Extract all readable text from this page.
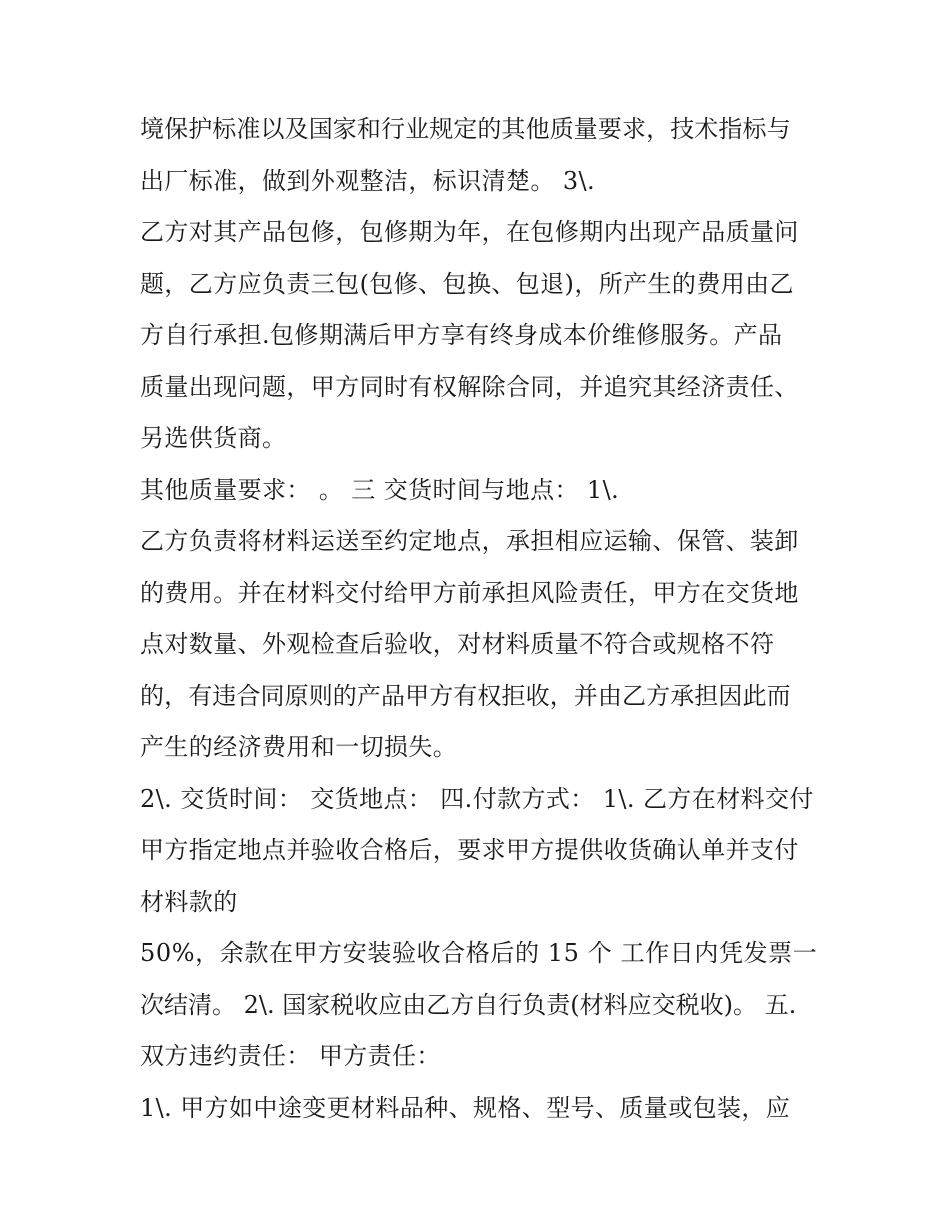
境保护标准以及国家和行业规定的其他质量要求，技术指标与
出厂标准，做到外观整洁，标识清楚。 3\.
乙方对其产品包修，包修期为年，在包修期内出现产品质量问
题，乙方应负责三包(包修、包换、包退)，所产生的费用由乙
方自行承担.包修期满后甲方享有终身成本价维修服务。产品
质量出现问题，甲方同时有权解除合同，并追究其经济责任、
另选供货商。
其他质量要求： 。 三 交货时间与地点： 1\.
乙方负责将材料运送至约定地点，承担相应运输、保管、装卸
的费用。并在材料交付给甲方前承担风险责任，甲方在交货地
点对数量、外观检查后验收，对材料质量不符合或规格不符
的，有违合同原则的产品甲方有权拒收，并由乙方承担因此而
产生的经济费用和一切损失。
2\. 交货时间： 交货地点： 四.付款方式： 1\. 乙方在材料交付
甲方指定地点并验收合格后，要求甲方提供收货确认单并支付
材料款的
50%，余款在甲方安装验收合格后的 15 个 工作日内凭发票一
次结清。 2\. 国家税收应由乙方自行负责(材料应交税收)。 五.
双方违约责任： 甲方责任：
1\. 甲方如中途变更材料品种、规格、型号、质量或包装，应
